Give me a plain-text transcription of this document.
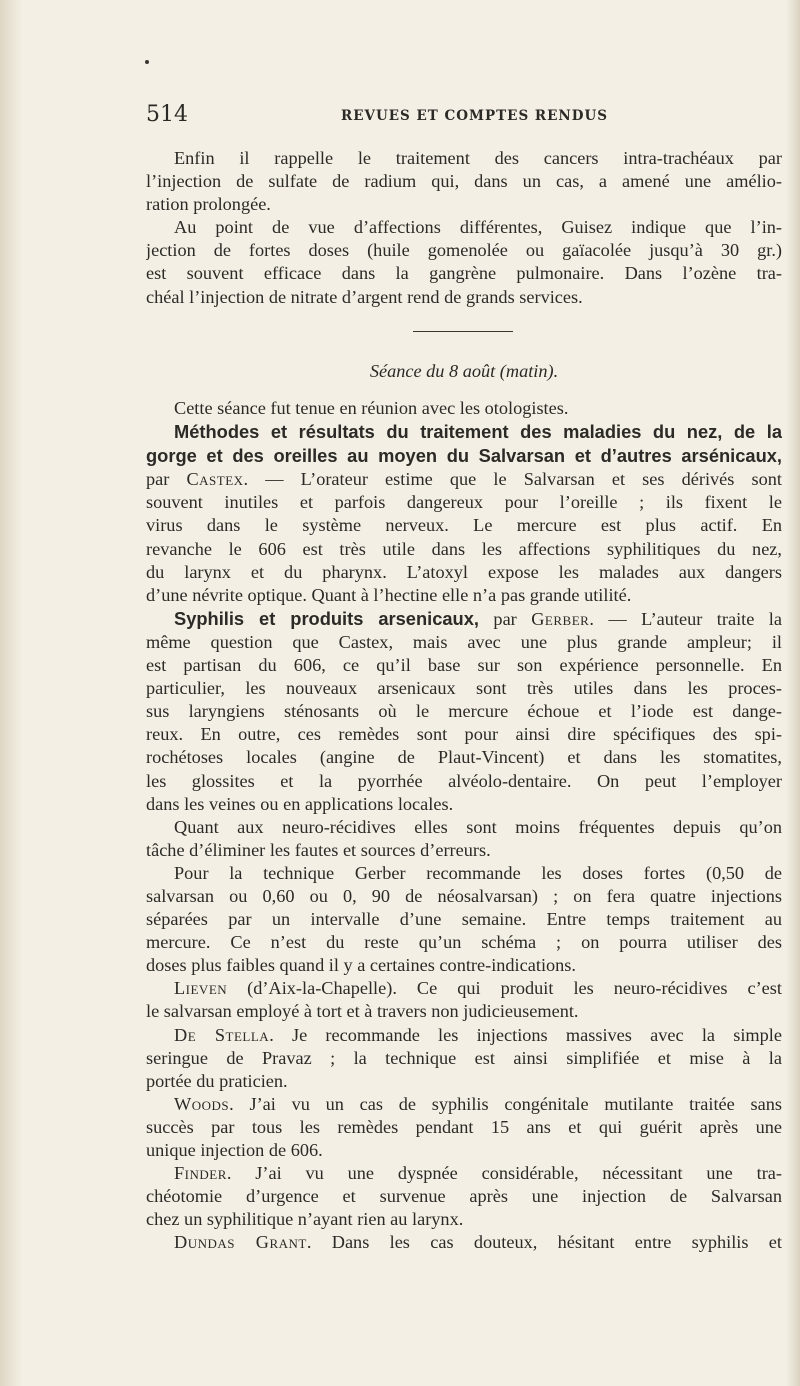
514	REVUES ET COMPTES RENDUS
Enfin il rappelle le traitement des cancers intra-trachéaux par
l’injection de sulfate de radium qui, dans un cas, a amené une amélio-
ration prolongée.
Au point de vue d’affections différentes, Guisez indique que l’in-
jection de fortes doses (huile gomenolée ou gaïacolée jusqu’à 30 gr.)
est souvent efficace dans la gangrène pulmonaire. Dans l’ozène tra-
chéal l’injection de nitrate d’argent rend de grands services.
Séance du 8 août (matin).
Cette séance fut tenue en réunion avec les otologistes.
Méthodes et résultats du traitement des maladies du nez, de la
gorge et des oreilles au moyen du Salvarsan et d’autres arsénicaux,
par Castex. — L’orateur estime que le Salvarsan et ses dérivés sont
souvent inutiles et parfois dangereux pour l’oreille ; ils fixent le
virus dans le système nerveux. Le mercure est plus actif. En
revanche le 606 est très utile dans les affections syphilitiques du nez,
du larynx et du pharynx. L’atoxyl expose les malades aux dangers
d’une névrite optique. Quant à l’hectine elle n’a pas grande utilité.
Syphilis et produits arsenicaux, par Gerber. — L’auteur traite la
même question que Castex, mais avec une plus grande ampleur; il
est partisan du 606, ce qu’il base sur son expérience personnelle. En
particulier, les nouveaux arsenicaux sont très utiles dans les proces-
sus laryngiens sténosants où le mercure échoue et l’iode est dange-
reux. En outre, ces remèdes sont pour ainsi dire spécifiques des spi-
rochétoses locales (angine de Plaut-Vincent) et dans les stomatites,
les glossites et la pyorrhée alvéolo-dentaire. On peut l’employer
dans les veines ou en applications locales.
Quant aux neuro-récidives elles sont moins fréquentes depuis qu’on
tâche d’éliminer les fautes et sources d’erreurs.
Pour la technique Gerber recommande les doses fortes (0,50 de
salvarsan ou 0,60 ou 0, 90 de néosalvarsan) ; on fera quatre injections
séparées par un intervalle d’une semaine. Entre temps traitement au
mercure. Ce n’est du reste qu’un schéma ; on pourra utiliser des
doses plus faibles quand il y a certaines contre-indications.
Lieven (d’Aix-la-Chapelle). Ce qui produit les neuro-récidives c’est
le salvarsan employé à tort et à travers non judicieusement.
De Stella. Je recommande les injections massives avec la simple
seringue de Pravaz ; la technique est ainsi simplifiée et mise à la
portée du praticien.
Woods. J’ai vu un cas de syphilis congénitale mutilante traitée sans
succès par tous les remèdes pendant 15 ans et qui guérit après une
unique injection de 606.
Finder. J’ai vu une dyspnée considérable, nécessitant une tra-
chéotomie d’urgence et survenue après une injection de Salvarsan
chez un syphilitique n’ayant rien au larynx.
Dundas Grant. Dans les cas douteux, hésitant entre syphilis et
